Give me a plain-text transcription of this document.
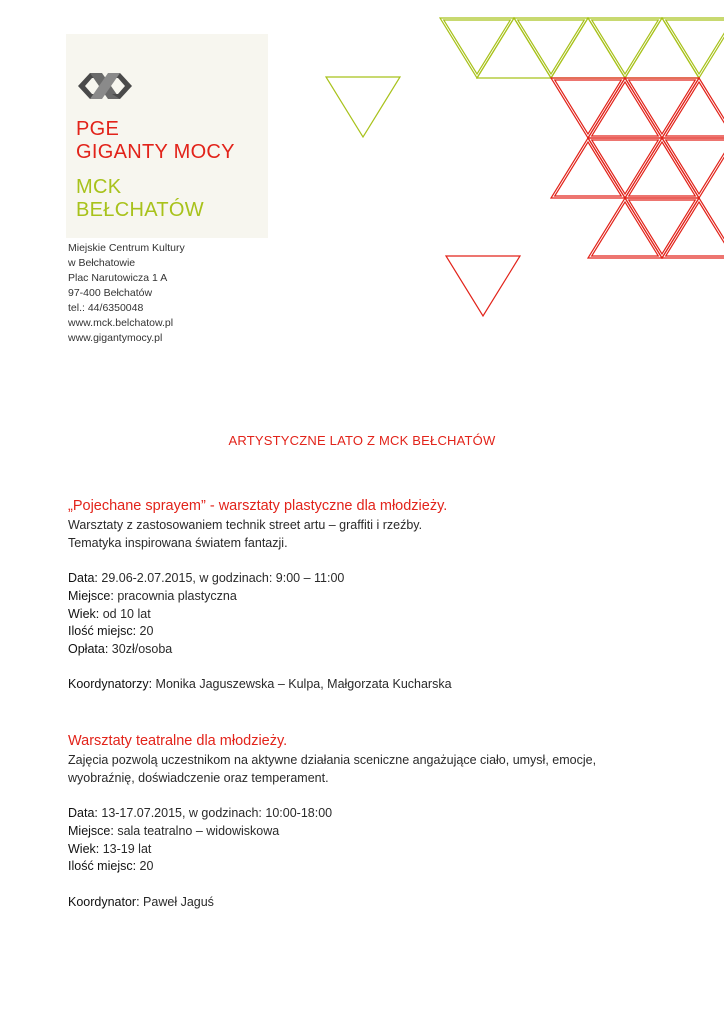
PGE
GIGANTY MOCY
MCK
BEŁCHATÓW
Miejskie Centrum Kultury
w Bełchatowie
Plac Narutowicza 1 A
97-400 Bełchatów
tel.: 44/6350048
www.mck.belchatow.pl
www.gigantymocy.pl
ARTYSTYCZNE LATO Z MCK BEŁCHATÓW
„Pojechane sprayem” - warsztaty plastyczne dla młodzieży.
Warsztaty z zastosowaniem technik street artu – graffiti i rzeźby.
Tematyka inspirowana światem fantazji.
Data: 29.06-2.07.2015, w godzinach: 9:00 – 11:00
Miejsce: pracownia plastyczna
Wiek: od 10 lat
Ilość miejsc: 20
Opłata: 30zł/osoba
Koordynatorzy: Monika Jaguszewska – Kulpa, Małgorzata Kucharska
Warsztaty teatralne dla młodzieży.
Zajęcia pozwolą uczestnikom na aktywne działania sceniczne angażujące ciało, umysł, emocje,
wyobraźnię, doświadczenie oraz temperament.
Data: 13-17.07.2015, w godzinach: 10:00-18:00
Miejsce: sala teatralno – widowiskowa
Wiek: 13-19 lat
Ilość miejsc: 20
Koordynator: Paweł Jaguś
